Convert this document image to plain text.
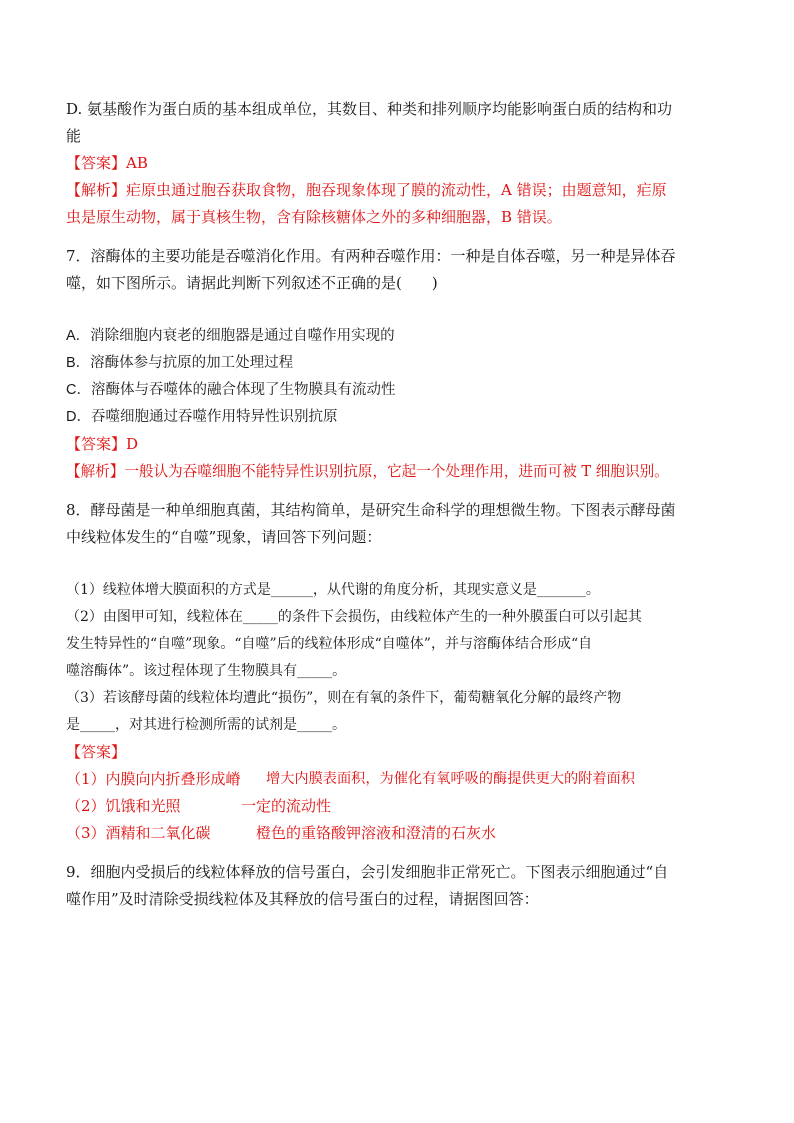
D. 氨基酸作为蛋白质的基本组成单位，其数目、种类和排列顺序均能影响蛋白质的结构和功

能

【答案】AB

【解析】疟原虫通过胞吞获取食物，胞吞现象体现了膜的流动性，A 错误；由题意知，疟原

虫是原生动物，属于真核生物，含有除核糖体之外的多种细胞器，B 错误。

7．溶酶体的主要功能是吞噬消化作用。有两种吞噬作用：一种是自体吞噬，另一种是异体吞

噬，如下图所示。请据此判断下列叙述不正确的是(　　)

A．消除细胞内衰老的细胞器是通过自噬作用实现的

B．溶酶体参与抗原的加工处理过程

C．溶酶体与吞噬体的融合体现了生物膜具有流动性

D．吞噬细胞通过吞噬作用特异性识别抗原

【答案】D

【解析】一般认为吞噬细胞不能特异性识别抗原，它起一个处理作用，进而可被 T 细胞识别。

8．酵母菌是一种单细胞真菌，其结构简单，是研究生命科学的理想微生物。下图表示酵母菌

中线粒体发生的“自噬”现象，请回答下列问题：

（1）线粒体增大膜面积的方式是______，从代谢的角度分析，其现实意义是_______。

（2）由图甲可知，线粒体在_____的条件下会损伤，由线粒体产生的一种外膜蛋白可以引起其

发生特异性的“自噬”现象。“自噬”后的线粒体形成“自噬体”，并与溶酶体结合形成“自

噬溶酶体”。该过程体现了生物膜具有_____。

（3）若该酵母菌的线粒体均遭此“损伤”，则在有氧的条件下，葡萄糖氧化分解的最终产物

是_____，对其进行检测所需的试剂是_____。

【答案】

（1）内膜向内折叠形成嵴	增大内膜表面积，为催化有氧呼吸的酶提供更大的附着面积
（2）饥饿和光照	一定的流动性
（3）酒精和二氧化碳	橙色的重铬酸钾溶液和澄清的石灰水

9．细胞内受损后的线粒体释放的信号蛋白，会引发细胞非正常死亡。下图表示细胞通过“自

噬作用”及时清除受损线粒体及其释放的信号蛋白的过程，请据图回答：
